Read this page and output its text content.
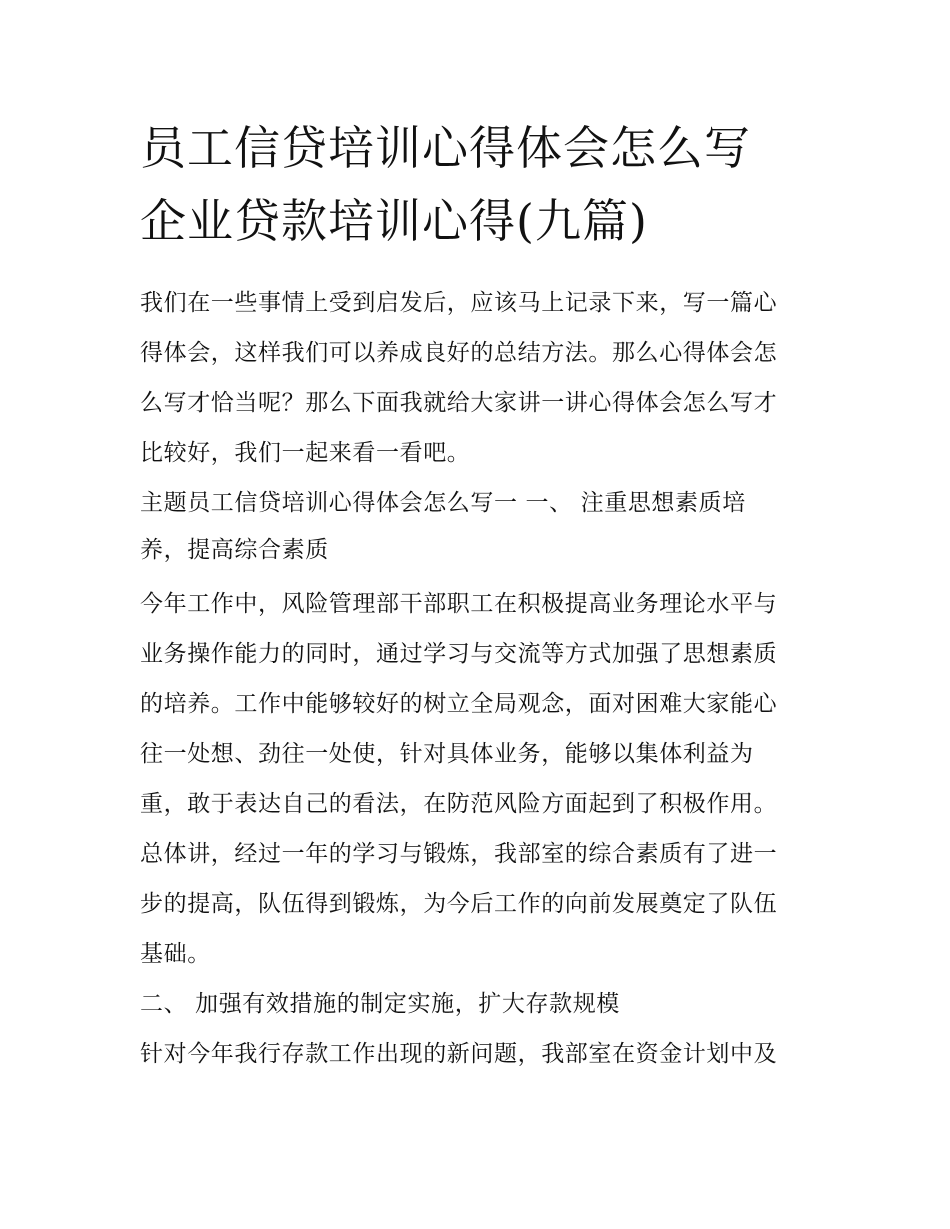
员工信贷培训心得体会怎么写
企业贷款培训心得(九篇)

我们在一些事情上受到启发后，应该马上记录下来，写一篇心
得体会，这样我们可以养成良好的总结方法。那么心得体会怎
么写才恰当呢？那么下面我就给大家讲一讲心得体会怎么写才
比较好，我们一起来看一看吧。

主题员工信贷培训心得体会怎么写一 一、 注重思想素质培
养，提高综合素质

今年工作中，风险管理部干部职工在积极提高业务理论水平与
业务操作能力的同时，通过学习与交流等方式加强了思想素质
的培养。工作中能够较好的树立全局观念，面对困难大家能心
往一处想、劲往一处使，针对具体业务，能够以集体利益为
重，敢于表达自己的看法，在防范风险方面起到了积极作用。
总体讲，经过一年的学习与锻炼，我部室的综合素质有了进一
步的提高，队伍得到锻炼，为今后工作的向前发展奠定了队伍
基础。

二、 加强有效措施的制定实施，扩大存款规模

针对今年我行存款工作出现的新问题，我部室在资金计划中及
